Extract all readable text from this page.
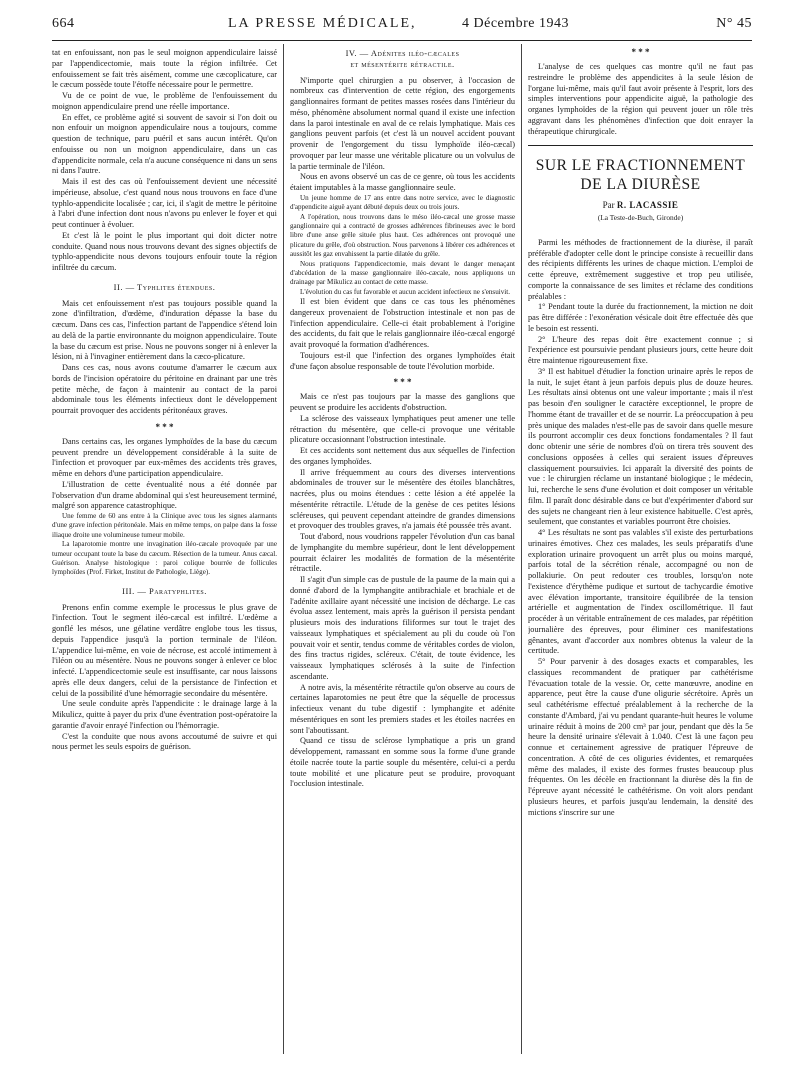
664	LA PRESSE MÉDICALE,	4 Décembre 1943	N° 45

tat en enfouissant, non pas le seul moignon appendiculaire laissé par l'appendicectomie, mais toute la région infiltrée. Cet enfouissement se fait très aisément, comme une cæcoplicature, car le cæcum possède toute l'étoffe nécessaire pour le permettre.

Vu de ce point de vue, le problème de l'enfouissement du moignon appendiculaire prend une réelle importance.

En effet, ce problème agité si souvent de savoir si l'on doit ou non enfouir un moignon appendiculaire nous a toujours, comme question de technique, paru puéril et sans aucun intérêt. Qu'on enfouisse ou non un moignon appendiculaire, dans un cas d'appendicite normale, cela n'a aucune conséquence ni dans un sens ni dans l'autre.

Mais il est des cas où l'enfouissement devient une nécessité impérieuse, absolue, c'est quand nous nous trouvons en face d'une typhlo-appendicite localisée ; car, ici, il s'agit de mettre le péritoine à l'abri d'une infection dont nous n'avons pu enlever le foyer et qui peut continuer à évoluer.

Et c'est là le point le plus important qui doit dicter notre conduite. Quand nous nous trouvons devant des signes objectifs de typhlo-appendicite nous devons toujours enfouir toute la région infiltrée du cæcum.

II. — Typhlites étendues.

Mais cet enfouissement n'est pas toujours possible quand la zone d'infiltration, d'œdème, d'induration dépasse la base du cæcum. Dans ces cas, l'infection partant de l'appendice s'étend loin au delà de la partie environnante du moignon appendiculaire. Toute la base du cæcum est prise. Nous ne pouvons songer ni à enlever la lésion, ni à l'invaginer entièrement dans la cæco-plicature.

Dans ces cas, nous avons coutume d'amarrer le cæcum aux bords de l'incision opératoire du péritoine en drainant par une très petite mèche, de façon à maintenir au contact de la paroi abdominale tous les éléments infectieux dont le développement pourrait provoquer des accidents péritonéaux graves.

* * *

Dans certains cas, les organes lymphoïdes de la base du cæcum peuvent prendre un développement considérable à la suite de l'infection et provoquer par eux-mêmes des accidents très graves, même en dehors d'une participation appendiculaire.

L'illustration de cette éventualité nous a été donnée par l'observation d'un drame abdominal qui s'est heureusement terminé, malgré son apparence catastrophique.

Une femme de 60 ans entre à la Clinique avec tous les signes alarmants d'une grave infection péritonéale. Mais en même temps, on palpe dans la fosse iliaque droite une volumineuse tumeur mobile.

La laparotomie montre une invagination iléo-cæcale provoquée par une tumeur occupant toute la base du cæcum. Résection de la tumeur. Anus cæcal. Guérison. Analyse histologique : paroi colique bourrée de follicules lymphoïdes (Prof. Firket, Institut de Pathologie, Liège).

III. — Paratyphlites.

Prenons enfin comme exemple le processus le plus grave de l'infection. Tout le segment iléo-cæcal est infiltré. L'œdème a gonflé les mésos, une gélatine verdâtre englobe tous les tissus, depuis l'appendice jusqu'à la portion terminale de l'iléon. L'appendice lui-même, en voie de nécrose, est accolé intimement à l'iléon ou au mésentère. Nous ne pouvons songer à enlever ce bloc infecté. L'appendicectomie seule est insuffisante, car nous laissons après elle deux dangers, celui de la persistance de l'infection et celui de la possibilité d'une hémorragie secondaire du mésentère.

Une seule conduite après l'appendicite : le drainage large à la Mikulicz, quitte à payer du prix d'une éventration post-opératoire la garantie d'avoir enrayé l'infection ou l'hémorragie.

C'est la conduite que nous avons accoutumé de suivre et qui nous permet les seuls espoirs de guérison.

IV. — Adénites iléo-cæcales
et mésentérite rétractile.

N'importe quel chirurgien a pu observer, à l'occasion de nombreux cas d'intervention de cette région, des engorgements ganglionnaires formant de petites masses rosées dans l'intérieur du méso, phénomène absolument normal quand il existe une infection dans la paroi intestinale en aval de ce relais lymphatique. Mais ces ganglions peuvent parfois (et c'est là un nouvel accident pouvant provenir de l'engorgement du tissu lymphoïde iléo-cæcal) provoquer par leur masse une véritable plicature ou un volvulus de la partie terminale de l'iléon.

Nous en avons observé un cas de ce genre, où tous les accidents étaient imputables à la masse ganglionnaire seule.

Un jeune homme de 17 ans entre dans notre service, avec le diagnostic d'appendicite aiguë ayant débuté depuis deux ou trois jours.

A l'opération, nous trouvons dans le méso iléo-cæcal une grosse masse ganglionnaire qui a contracté de grosses adhérences fibrineuses avec le bord libre d'une anse grêle située plus haut. Ces adhérences ont provoqué une plicature du grêle, d'où obstruction. Nous parvenons à libérer ces adhérences et aussitôt les gaz envahissent la partie dilatée du grêle.

Nous pratiquons l'appendicectomie, mais devant le danger menaçant d'abcédation de la masse ganglionnaire iléo-cæcale, nous appliquons un drainage par Mikulicz au contact de cette masse.

L'évolution du cas fut favorable et aucun accident infectieux ne s'ensuivit.

Il est bien évident que dans ce cas tous les phénomènes dangereux provenaient de l'obstruction intestinale et non pas de l'infection appendiculaire. Celle-ci était probablement à l'origine des accidents, du fait que le relais ganglionnaire iléo-cæcal engorgé avait provoqué la formation d'adhérences.

Toujours est-il que l'infection des organes lymphoïdes était d'une façon absolue responsable de toute l'évolution morbide.

* * *

Mais ce n'est pas toujours par la masse des ganglions que peuvent se produire les accidents d'obstruction.

La sclérose des vaisseaux lymphatiques peut amener une telle rétraction du mésentère, que celle-ci provoque une véritable plicature occasionnant l'obstruction intestinale.

Et ces accidents sont nettement dus aux séquelles de l'infection des organes lymphoïdes.

Il arrive fréquemment au cours des diverses interventions abdominales de trouver sur le mésentère des étoiles blanchâtres, nacrées, plus ou moins étendues : cette lésion a été appelée la mésentérite rétractile. L'étude de la genèse de ces petites lésions scléreuses, qui peuvent cependant atteindre de grandes dimensions et provoquer des troubles graves, n'a jamais été poussée très avant.

Tout d'abord, nous voudrions rappeler l'évolution d'un cas banal de lymphangite du membre supérieur, dont le lent développement pourrait éclairer les modalités de formation de la mésentérite rétractile.

Il s'agit d'un simple cas de pustule de la paume de la main qui a donné d'abord de la lymphangite antibrachiale et brachiale et de l'adénite axillaire ayant nécessité une incision de décharge. Le cas évolua assez lentement, mais après la guérison il persista pendant plusieurs mois des indurations filiformes sur tout le trajet des vaisseaux lymphatiques et spécialement au pli du coude où l'on pouvait voir et sentir, tendus comme de véritables cordes de violon, des fins tractus rigides, scléreux. C'était, de toute évidence, les vaisseaux lymphatiques sclérosés à la suite de l'infection ascendante.

A notre avis, la mésentérite rétractile qu'on observe au cours de certaines laparotomies ne peut être que la séquelle de processus infectieux venant du tube digestif : lymphangite et adénite mésentériques en sont les premiers stades et les étoiles nacrées en sont l'aboutissant.

Quand ce tissu de sclérose lymphatique a pris un grand développement, ramassant en somme sous la forme d'une grande étoile nacrée toute la partie souple du mésentère, celui-ci a perdu toute mobilité et une plicature peut se produire, provoquant l'occlusion intestinale.

* * *

L'analyse de ces quelques cas montre qu'il ne faut pas restreindre le problème des appendicites à la seule lésion de l'organe lui-même, mais qu'il faut avoir présente à l'esprit, lors des simples interventions pour appendicite aiguë, la pathologie des organes lymphoïdes de la région qui peuvent jouer un rôle très aggravant dans les phénomènes d'infection que doit enrayer la thérapeutique chirurgicale.

SUR LE FRACTIONNEMENT
DE LA DIURÈSE
Par R. LACASSIE
(La Teste-de-Buch, Gironde)

Parmi les méthodes de fractionnement de la diurèse, il paraît préférable d'adopter celle dont le principe consiste à recueillir dans des récipients différents les urines de chaque miction. L'emploi de cette épreuve, extrêmement suggestive et trop peu utilisée, comporte la connaissance de ses limites et réclame des conditions préalables :

1° Pendant toute la durée du fractionnement, la miction ne doit pas être différée : l'exonération vésicale doit être effectuée dès que le besoin est ressenti.

2° L'heure des repas doit être exactement connue ; si l'expérience est poursuivie pendant plusieurs jours, cette heure doit être maintenue rigoureusement fixe.

3° Il est habituel d'étudier la fonction urinaire après le repos de la nuit, le sujet étant à jeun parfois depuis plus de douze heures. Les résultats ainsi obtenus ont une valeur importante ; mais il n'est pas besoin d'en souligner le caractère exceptionnel, le propre de l'homme étant de travailler et de se nourrir. La préoccupation à peu près unique des malades n'est-elle pas de savoir dans quelle mesure ils pourront accomplir ces deux fonctions fondamentales ? Il faut donc obtenir une série de nombres d'où on tirera très souvent des conclusions opposées à celles qui seraient issues d'épreuves classiquement poursuivies. Ici apparaît la diversité des points de vue : le chirurgien réclame un instantané biologique ; le médecin, lui, recherche le sens d'une évolution et doit composer un véritable film. Il paraît donc désirable dans ce but d'expérimenter d'abord sur des sujets ne changeant rien à leur existence habituelle. C'est après, seulement, que constantes et variables pourront être choisies.

4° Les résultats ne sont pas valables s'il existe des perturbations urinaires émotives. Chez ces malades, les seuls préparatifs d'une exploration urinaire provoquent un arrêt plus ou moins marqué, parfois total de la sécrétion rénale, accompagné ou non de pollakiurie. On peut redouter ces troubles, lorsqu'on note l'existence d'érythème pudique et surtout de tachycardie émotive avec élévation importante, transitoire équilibrée de la tension artérielle et augmentation de l'index oscillométrique. Il faut procéder à un véritable entraînement de ces malades, par répétition journalière des épreuves, pour éliminer ces manifestations gênantes, avant d'accorder aux nombres obtenus la valeur de la certitude.

5° Pour parvenir à des dosages exacts et comparables, les classiques recommandent de pratiquer par cathétérisme l'évacuation totale de la vessie. Or, cette manœuvre, anodine en apparence, peut être la cause d'une oligurie sécrétoire. Après un seul cathétérisme effectué préalablement à la recherche de la constante d'Ambard, j'ai vu pendant quarante-huit heures le volume urinaire réduit à moins de 200 cm³ par jour, pendant que dès la 5e heure la densité urinaire s'élevait à 1.040. C'est là une façon peu connue et certainement agressive de pratiquer l'épreuve de concentration. A côté de ces oliguries évidentes, et remarquées même des malades, il existe des formes frustes beaucoup plus fréquentes. On les décèle en fractionnant la diurèse dès la fin de l'épreuve ayant nécessité le cathétérisme. On voit alors pendant plusieurs heures, et parfois jusqu'au lendemain, la densité des mictions s'inscrire sur une
